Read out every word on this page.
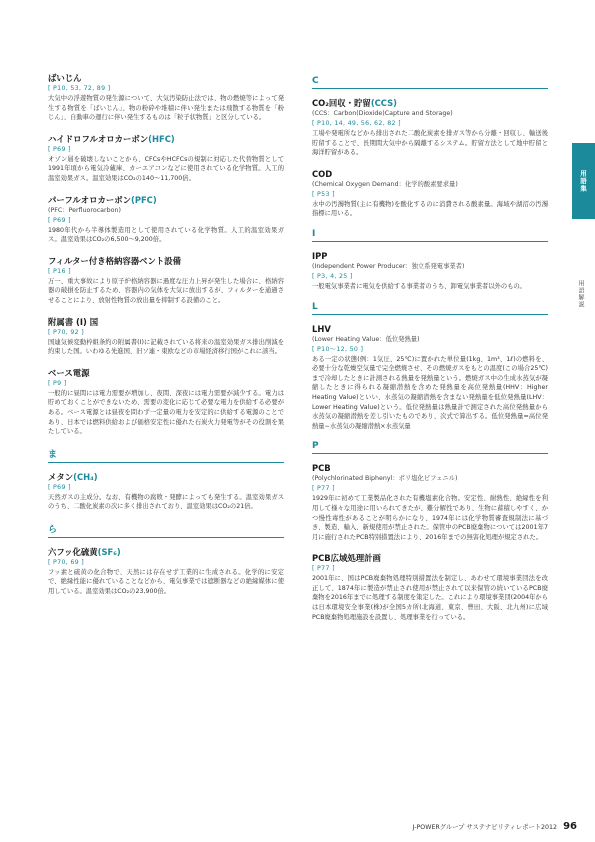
ばいじん
[ P10, 53, 72, 89 ]
大気中の浮遊物質の発生源について、大気汚染防止法では、物の燃焼等によって発生する物質を「ばいじん」、物の粉砕や堆積に伴い発生または飛散する物質を「粉じん」、自動車の運行に伴い発生するものは「粒子状物質」と区分している。
ハイドロフルオロカーボン(HFC)
[ P69 ]
オゾン層を破壊しないことから、CFCsやHCFCsの規制に対応した代替物質として1991年頃から電気冷蔵庫、カーエアコンなどに使用されている化学物質。人工的温室効果ガス。温室効果はCO₂の140〜11,700倍。
パーフルオロカーボン(PFC)
(PFC：Perfluorocarbon)
[ P69 ]
1980年代から半導体製造用として使用されている化学物質。人工的温室効果ガス。温室効果はCO₂の6,500〜9,200倍。
フィルター付き格納容器ベント設備
[ P16 ]
万一、重大事故により原子炉格納容器に過度な圧力上昇が発生した場合に、格納容器の破損を防止するため、容器内の気体を大気に放出するが、フィルターを通過させることにより、放射性物質の放出量を抑制する設備のこと。
附属書 (I) 国
[ P70, 92 ]
国連気候変動枠組条約の附属書(I)に記載されている将来の温室効果ガス排出削減を約束した国。いわゆる先進国、旧ソ連・東欧などの市場経済移行国がこれに該当。
ベース電源
[ P9 ]
一般的に昼間には電力需要が増加し、夜間、深夜には電力需要が減少する。電力は貯めておくことができないため、需要の変化に応じて必要な電力を供給する必要がある。ベース電源とは昼夜を問わず一定量の電力を安定的に供給する電源のことであり、日本では燃料供給および価格安定性に優れた石炭火力発電等がその役割を果たしている。
ま
メタン(CH₄)
[ P69 ]
天然ガスの主成分。なお、有機物の腐敗・発酵によっても発生する。温室効果ガスのうち、二酸化炭素の次に多く排出されており、温室効果はCO₂の21倍。
ら
六フッ化硫黄(SF₆)
[ P70, 69 ]
フッ素と硫黄の化合物で、天然には存在せず工業的に生成される。化学的に安定で、絶縁性能に優れていることなどから、電気事業では遮断器などの絶縁媒体に使用している。温室効果はCO₂の23,900倍。
C
CO₂回収・貯留(CCS)
(CCS：Carbon(Dioxide)Capture and Storage)
[ P10, 14, 49, 56, 62, 82 ]
工場や発電所などから排出された二酸化炭素を排ガス等から分離・回収し、輸送後貯留することで、長期間大気中から隔離するシステム。貯留方法として地中貯留と海洋貯留がある。
COD
(Chemical Oxygen Demand：化学的酸素要求量)
[ P53 ]
水中の汚濁物質(主に有機物)を酸化するのに消費される酸素量。海域や湖沼の汚濁指標に用いる。
I
IPP
(Independent Power Producer：独立系発電事業者)
[ P3, 4, 25 ]
一般電気事業者に電気を供給する事業者のうち、卸電気事業者以外のもの。
L
LHV
(Lower Heating Value：低位発熱量)
[ P10〜12, 50 ]
ある一定の状態(例：1気圧、25℃)に置かれた単位量(1kg、1m³、1ℓ)の燃料を、必要十分な乾燥空気量で完全燃焼させ、その燃焼ガスをもとの温度(この場合25℃)まで冷却したときに計測される熱量を発熱量という。燃焼ガス中の生成水蒸気が凝縮したときに得られる凝縮潜熱を含めた発熱量を高位発熱量(HHV：Higher Heating Value)といい、水蒸気の凝縮潜熱を含まない発熱量を低位発熱量(LHV：Lower Heating Value)という。低位発熱量は熱量計で測定された高位発熱量から水蒸気の凝縮潜熱を差し引いたものであり、次式で算出する。低位発熱量=高位発熱量−水蒸気の凝縮潜熱×水蒸気量
P
PCB
(Polychlorinated Biphenyl：ポリ塩化ビフェニル)
[ P77 ]
1929年に初めて工業製品化された有機塩素化合物。安定性、耐熱性、絶縁性を利用して様々な用途に用いられてきたが、難分解性であり、生物に蓄積しやすく、かつ慢性毒性があることが明らかになり、1974年には化学物質審査規制法に基づき、製造、輸入、新規使用が禁止された。保管中のPCB廃棄物については2001年7月に施行されたPCB特別措置法により、2016年までの無害化処理が規定された。
PCB広域処理計画
[ P77 ]
2001年に、国はPCB廃棄物処理特別措置法を制定し、あわせて環境事業団法を改正して、1874年に製造が禁止され使用が禁止されて以来保管の続いているPCB廃棄物を2016年までに処理する制度を策定した。これにより環境事業団(2004年からは日本環境安全事業(株)が全国5カ所(北海道、東京、豊田、大阪、北九州)に広域PCB廃棄物処理施設を設置し、処理事業を行っている。
用語集
用語解説
J-POWERグループ サステナビリティレポート2012 96
